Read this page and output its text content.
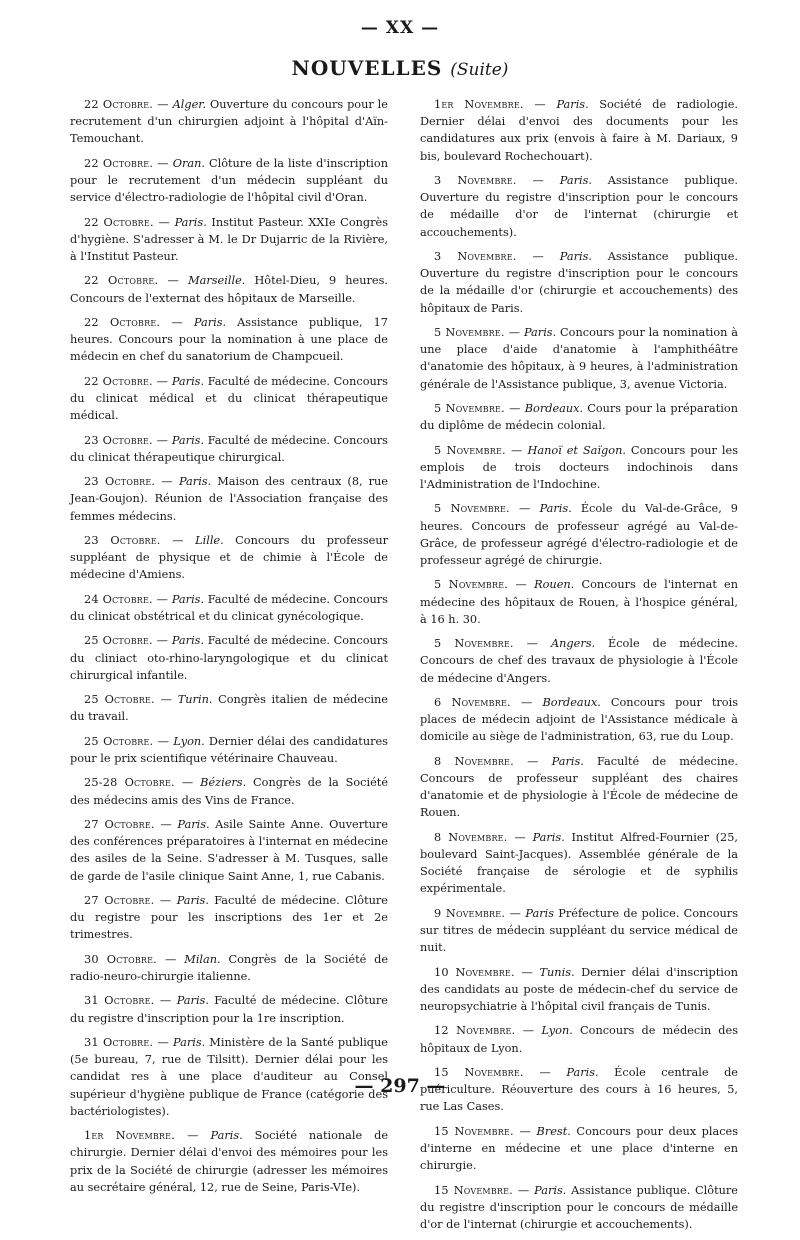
— XX —
NOUVELLES (Suite)

22 Octobre. — Alger. Ouverture du concours pour le recrutement d'un chirurgien adjoint à l'hôpital d'Aïn-Temouchant.

22 Octobre. — Oran. Clôture de la liste d'inscription pour le recrutement d'un médecin suppléant du service d'électro-radiologie de l'hôpital civil d'Oran.

22 Octobre. — Paris. Institut Pasteur. XXIe Congrès d'hygiène. S'adresser à M. le Dr Dujarric de la Rivière, à l'Institut Pasteur.

22 Octobre. — Marseille. Hôtel-Dieu, 9 heures. Concours de l'externat des hôpitaux de Marseille.

22 Octobre. — Paris. Assistance publique, 17 heures. Concours pour la nomination à une place de médecin en chef du sanatorium de Champcueil.

22 Octobre. — Paris. Faculté de médecine. Concours du clinicat médical et du clinicat thérapeutique médical.

23 Octobre. — Paris. Faculté de médecine. Concours du clinicat thérapeutique chirurgical.

23 Octobre. — Paris. Maison des centraux (8, rue Jean-Goujon). Réunion de l'Association française des femmes médecins.

23 Octobre. — Lille. Concours du professeur suppléant de physique et de chimie à l'École de médecine d'Amiens.

24 Octobre. — Paris. Faculté de médecine. Concours du clinicat obstétrical et du clinicat gynécologique.

25 Octobre. — Paris. Faculté de médecine. Concours du cliniact oto-rhino-laryngologique et du clinicat chirurgical infantile.

25 Octobre. — Turin. Congrès italien de médecine du travail.

25 Octobre. — Lyon. Dernier délai des candidatures pour le prix scientifique vétérinaire Chauveau.

25-28 Octobre. — Béziers. Congrès de la Société des médecins amis des Vins de France.

27 Octobre. — Paris. Asile Sainte Anne. Ouverture des conférences préparatoires à l'internat en médecine des asiles de la Seine. S'adresser à M. Tusques, salle de garde de l'asile clinique Saint Anne, 1, rue Cabanis.

27 Octobre. — Paris. Faculté de médecine. Clôture du registre pour les inscriptions des 1er et 2e trimestres.

30 Octobre. — Milan. Congrès de la Société de radio-neuro-chirurgie italienne.

31 Octobre. — Paris. Faculté de médecine. Clôture du registre d'inscription pour la 1re inscription.

31 Octobre. — Paris. Ministère de la Santé publique (5e bureau, 7, rue de Tilsitt). Dernier délai pour les candidat res à une place d'auditeur au Consel supérieur d'hygiène publique de France (catégorie des bactériologistes).

1er Novembre. — Paris. Société nationale de chirurgie. Dernier délai d'envoi des mémoires pour les prix de la Société de chirurgie (adresser les mémoires au secrétaire général, 12, rue de Seine, Paris-VIe).

1er Novembre. — Paris. Société de radiologie. Dernier délai d'envoi des documents pour les candidatures aux prix (envois à faire à M. Dariaux, 9 bis, boulevard Rochechouart).

3 Novembre. — Paris. Assistance publique. Ouverture du registre d'inscription pour le concours de médaille d'or de l'internat (chirurgie et accouchements).

3 Novembre. — Paris. Assistance publique. Ouverture du registre d'inscription pour le concours de la médaille d'or (chirurgie et accouchements) des hôpitaux de Paris.

5 Novembre. — Paris. Concours pour la nomination à une place d'aide d'anatomie à l'amphithéâtre d'anatomie des hôpitaux, à 9 heures, à l'administration générale de l'Assistance publique, 3, avenue Victoria.

5 Novembre. — Bordeaux. Cours pour la préparation du diplôme de médecin colonial.

5 Novembre. — Hanoï et Saïgon. Concours pour les emplois de trois docteurs indochinois dans l'Administration de l'Indochine.

5 Novembre. — Paris. École du Val-de-Grâce, 9 heures. Concours de professeur agrégé au Val-de-Grâce, de professeur agrégé d'électro-radiologie et de professeur agrégé de chirurgie.

5 Novembre. — Rouen. Concours de l'internat en médecine des hôpitaux de Rouen, à l'hospice général, à 16 h. 30.

5 Novembre. — Angers. École de médecine. Concours de chef des travaux de physiologie à l'École de médecine d'Angers.

6 Novembre. — Bordeaux. Concours pour trois places de médecin adjoint de l'Assistance médicale à domicile au siège de l'administration, 63, rue du Loup.

8 Novembre. — Paris. Faculté de médecine. Concours de professeur suppléant des chaires d'anatomie et de physiologie à l'École de médecine de Rouen.

8 Novembre. — Paris. Institut Alfred-Fournier (25, boulevard Saint-Jacques). Assemblée générale de la Société française de sérologie et de syphilis expérimentale.

9 Novembre. — Paris Préfecture de police. Concours sur titres de médecin suppléant du service médical de nuit.

10 Novembre. — Tunis. Dernier délai d'inscription des candidats au poste de médecin-chef du service de neuropsychiatrie à l'hôpital civil français de Tunis.

12 Novembre. — Lyon. Concours de médecin des hôpitaux de Lyon.

15 Novembre. — Paris. École centrale de puériculture. Réouverture des cours à 16 heures, 5, rue Las Cases.

15 Novembre. — Brest. Concours pour deux places d'interne en médecine et une place d'interne en chirurgie.

15 Novembre. — Paris. Assistance publique. Clôture du registre d'inscription pour le concours de médaille d'or de l'internat (chirurgie et accouchements).

— 297 —
